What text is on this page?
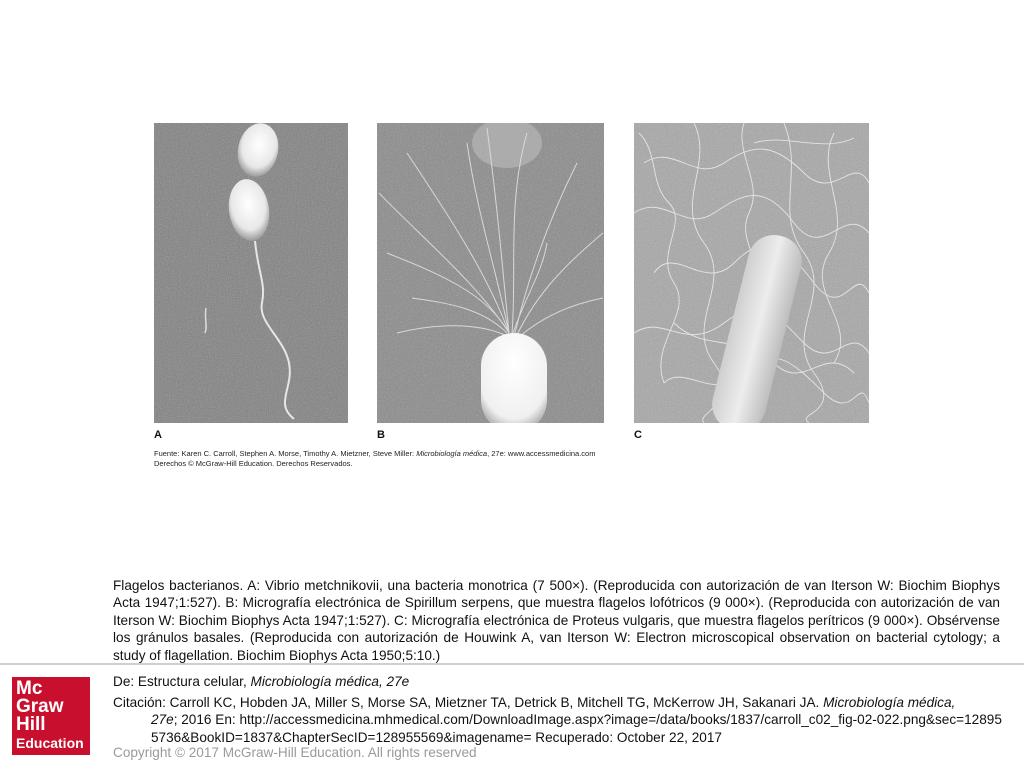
A	B	C
Fuente: Karen C. Carroll, Stephen A. Morse, Timothy A. Mietzner, Steve Miller: Microbiología médica, 27e: www.accessmedicina.com
Derechos © McGraw-Hill Education. Derechos Reservados.
Flagelos bacterianos. A: Vibrio metchnikovii, una bacteria monotrica (7 500×). (Reproducida con autorización de van Iterson W: Biochim Biophys Acta 1947;1:527). B: Micrografía electrónica de Spirillum serpens, que muestra flagelos lofótricos (9 000×). (Reproducida con autorización de van Iterson W: Biochim Biophys Acta 1947;1:527). C: Micrografía electrónica de Proteus vulgaris, que muestra flagelos perítricos (9 000×). Obsérvense los gránulos basales. (Reproducida con autorización de Houwink A, van Iterson W: Electron microscopical observation on bacterial cytology; a study of flagellation. Biochim Biophys Acta 1950;5:10.)
Mc
Graw
Hill
Education
De: Estructura celular, Microbiología médica, 27e
Citación: Carroll KC, Hobden JA, Miller S, Morse SA, Mietzner TA, Detrick B, Mitchell TG, McKerrow JH, Sakanari JA. Microbiología médica,
27e; 2016 En: http://accessmedicina.mhmedical.com/DownloadImage.aspx?image=/data/books/1837/carroll_c02_fig-02-022.png&sec=128955736&BookID=1837&ChapterSecID=128955569&imagename= Recuperado: October 22, 2017
Copyright © 2017 McGraw-Hill Education. All rights reserved
